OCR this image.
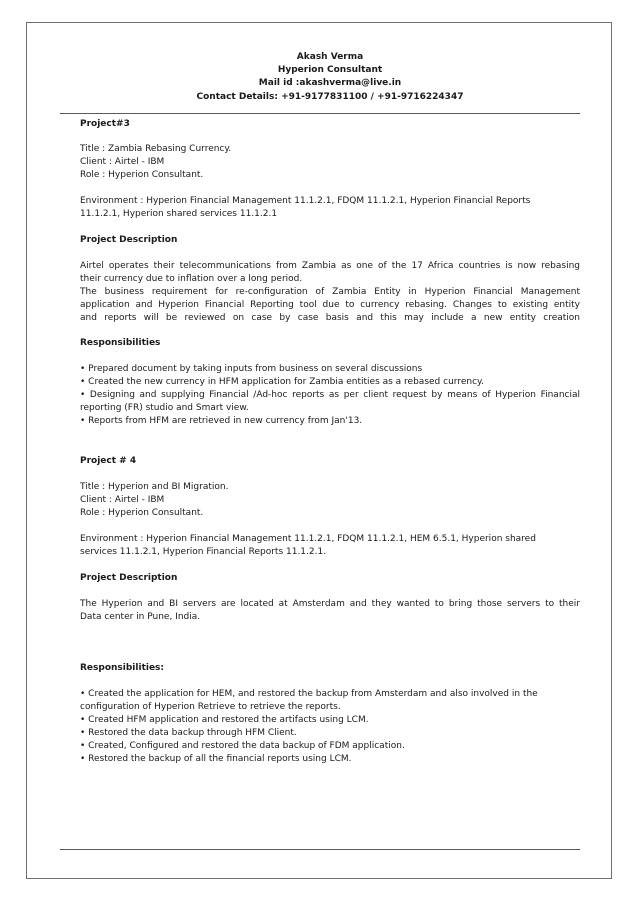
Akash Verma
Hyperion Consultant
Mail id :akashverma@live.in
Contact Details: +91-9177831100 / +91-9716224347
Project#3
Title : Zambia Rebasing Currency.
Client : Airtel - IBM
Role : Hyperion Consultant.
Environment : Hyperion Financial Management 11.1.2.1, FDQM 11.1.2.1, Hyperion Financial Reports
11.1.2.1, Hyperion shared services 11.1.2.1
Project Description
Airtel operates their telecommunications from Zambia as one of the 17 Africa countries is now rebasing
their currency due to inflation over a long period.
The business requirement for re-configuration of Zambia Entity in Hyperion Financial Management
application and Hyperion Financial Reporting tool due to currency rebasing. Changes to existing entity
and reports will be reviewed on case by case basis and this may include a new entity creation
Responsibilities
• Prepared document by taking inputs from business on several discussions
• Created the new currency in HFM application for Zambia entities as a rebased currency.
• Designing and supplying Financial /Ad-hoc reports as per client request by means of Hyperion Financial
reporting (FR) studio and Smart view.
• Reports from HFM are retrieved in new currency from Jan'13.
Project # 4
Title : Hyperion and BI Migration.
Client : Airtel - IBM
Role : Hyperion Consultant.
Environment : Hyperion Financial Management 11.1.2.1, FDQM 11.1.2.1, HEM 6.5.1, Hyperion shared
services 11.1.2.1, Hyperion Financial Reports 11.1.2.1.
Project Description
The Hyperion and BI servers are located at Amsterdam and they wanted to bring those servers to their
Data center in Pune, India.
Responsibilities:
• Created the application for HEM, and restored the backup from Amsterdam and also involved in the
configuration of Hyperion Retrieve to retrieve the reports.
• Created HFM application and restored the artifacts using LCM.
• Restored the data backup through HFM Client.
• Created, Configured and restored the data backup of FDM application.
• Restored the backup of all the financial reports using LCM.
